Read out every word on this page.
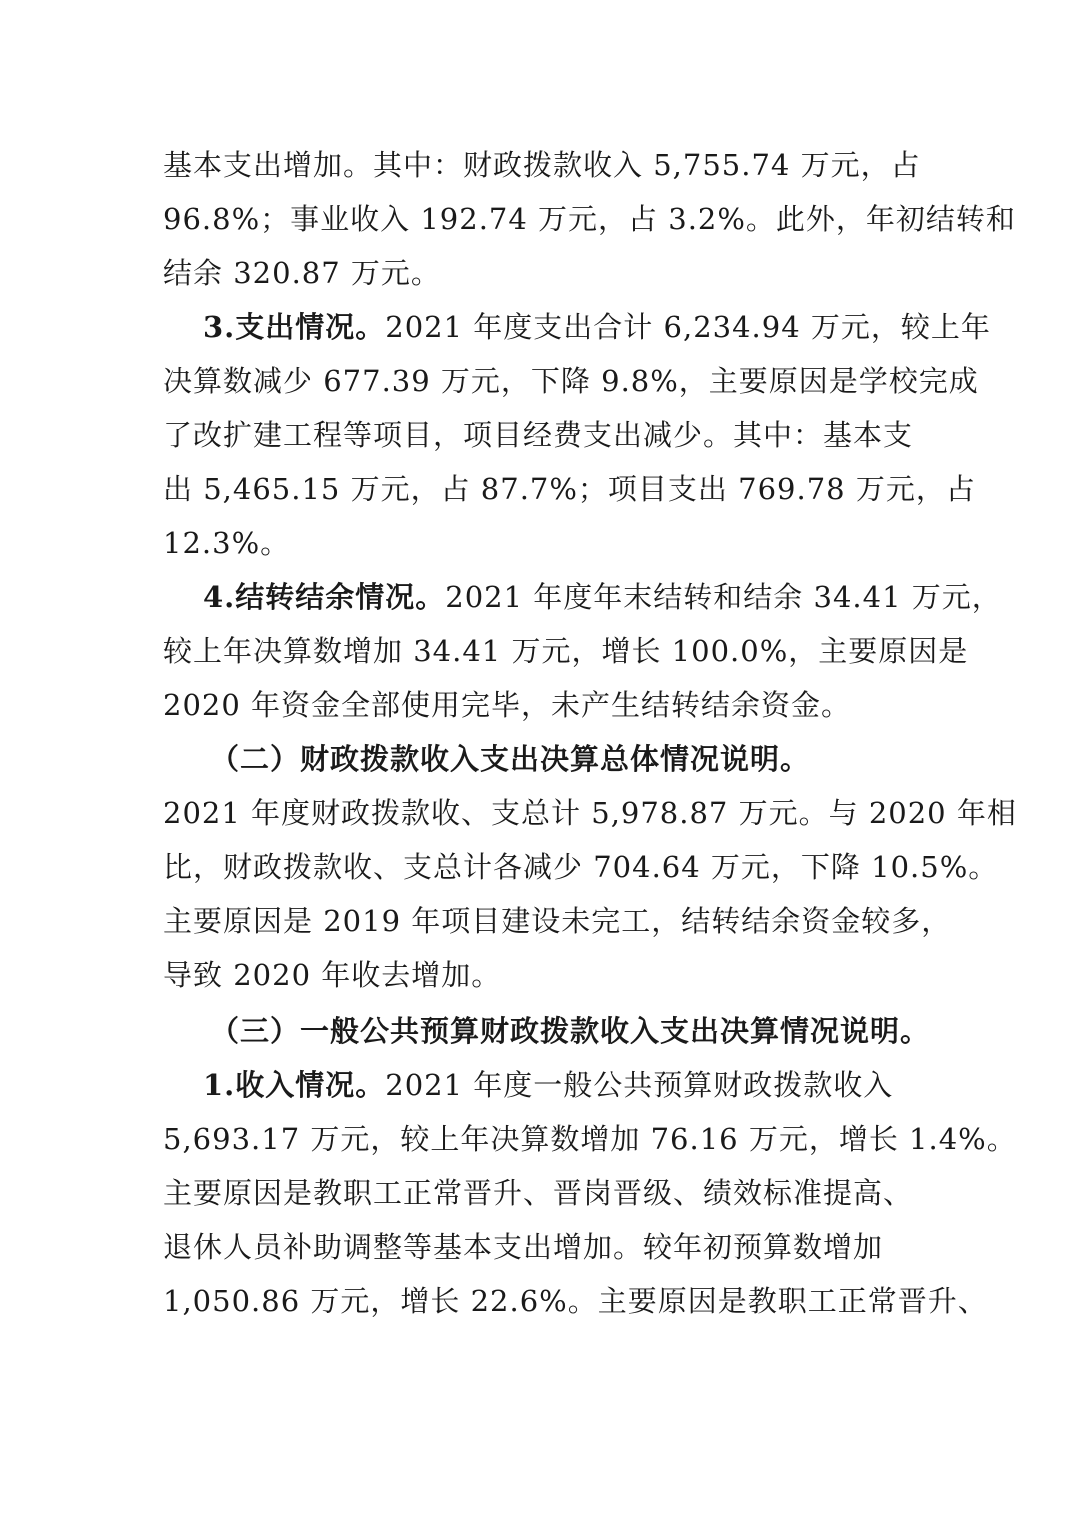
基本支出增加。其中：财政拨款收入 5,755.74 万元，占
96.8%；事业收入 192.74 万元，占 3.2%。此外，年初结转和
结余 320.87 万元。
3.支出情况。2021 年度支出合计 6,234.94 万元，较上年
决算数减少 677.39 万元，下降 9.8%，主要原因是学校完成
了改扩建工程等项目，项目经费支出减少。其中：基本支
出 5,465.15 万元，占 87.7%；项目支出 769.78 万元，占
12.3%。
4.结转结余情况。2021 年度年末结转和结余 34.41 万元，
较上年决算数增加 34.41 万元，增长 100.0%，主要原因是
2020 年资金全部使用完毕，未产生结转结余资金。
（二）财政拨款收入支出决算总体情况说明。
2021 年度财政拨款收、支总计 5,978.87 万元。与 2020 年相
比，财政拨款收、支总计各减少 704.64 万元，下降 10.5%。
主要原因是 2019 年项目建设未完工，结转结余资金较多，
导致 2020 年收去增加。
（三）一般公共预算财政拨款收入支出决算情况说明。
1.收入情况。2021 年度一般公共预算财政拨款收入
5,693.17 万元，较上年决算数增加 76.16 万元，增长 1.4%。
主要原因是教职工正常晋升、晋岗晋级、绩效标准提高、
退休人员补助调整等基本支出增加。较年初预算数增加
1,050.86 万元，增长 22.6%。主要原因是教职工正常晋升、
